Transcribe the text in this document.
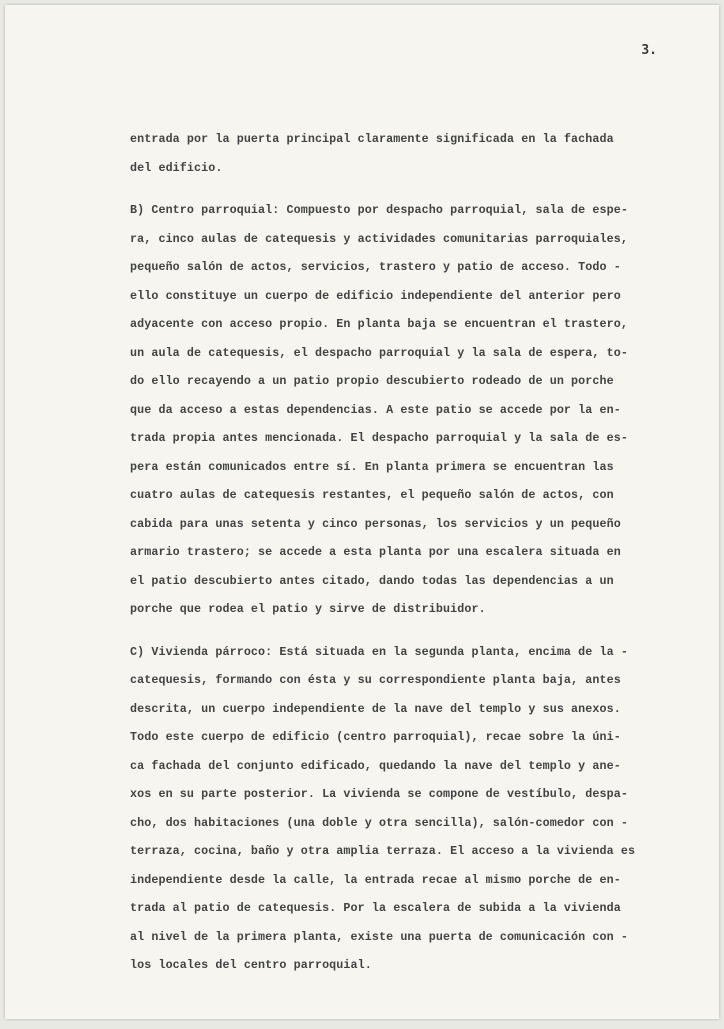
3.
entrada por la puerta principal claramente significada en la fachada
del edificio.
B) Centro parroquial: Compuesto por despacho parroquial, sala de espe-
ra, cinco aulas de catequesis y actividades comunitarias parroquiales,
pequeño salón de actos, servicios, trastero y patio de acceso. Todo -
ello constituye un cuerpo de edificio independiente del anterior pero
adyacente con acceso propio. En planta baja se encuentran el trastero,
un aula de catequesis, el despacho parroquial y la sala de espera, to-
do ello recayendo a un patio propio descubierto rodeado de un porche
que da acceso a estas dependencias. A este patio se accede por la en-
trada propia antes mencionada. El despacho parroquial y la sala de es-
pera están comunicados entre sí. En planta primera se encuentran las
cuatro aulas de catequesis restantes, el pequeño salón de actos, con
cabida para unas setenta y cinco personas, los servicios y un pequeño
armario trastero; se accede a esta planta por una escalera situada en
el patio descubierto antes citado, dando todas las dependencias a un
porche que rodea el patio y sirve de distribuidor.
C) Vivienda párroco: Está situada en la segunda planta, encima de la -
catequesis, formando con ésta y su correspondiente planta baja, antes
descrita, un cuerpo independiente de la nave del templo y sus anexos.
Todo este cuerpo de edificio (centro parroquial), recae sobre la úni-
ca fachada del conjunto edificado, quedando la nave del templo y ane-
xos en su parte posterior. La vivienda se compone de vestíbulo, despa-
cho, dos habitaciones (una doble y otra sencilla), salón-comedor con -
terraza, cocina, baño y otra amplia terraza. El acceso a la vivienda es
independiente desde la calle, la entrada recae al mismo porche de en-
trada al patio de catequesis. Por la escalera de subida a la vivienda
al nivel de la primera planta, existe una puerta de comunicación con -
los locales del centro parroquial.
